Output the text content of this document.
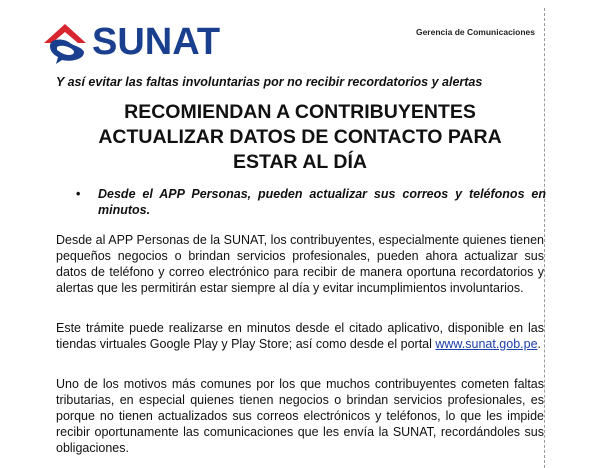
SUNAT	Gerencia de Comunicaciones
Y así evitar las faltas involuntarias por no recibir recordatorios y alertas
RECOMIENDAN A CONTRIBUYENTES
ACTUALIZAR DATOS DE CONTACTO PARA
ESTAR AL DÍA
•	Desde el APP Personas, pueden actualizar sus correos y teléfonos en minutos.

Desde al APP Personas de la SUNAT, los contribuyentes, especialmente quienes tienen pequeños negocios o brindan servicios profesionales, pueden ahora actualizar sus datos de teléfono y correo electrónico para recibir de manera oportuna recordatorios y alertas que les permitirán estar siempre al día y evitar incumplimientos involuntarios.

Este trámite puede realizarse en minutos desde el citado aplicativo, disponible en las tiendas virtuales Google Play y Play Store; así como desde el portal www.sunat.gob.pe.

Uno de los motivos más comunes por los que muchos contribuyentes cometen faltas tributarias, en especial quienes tienen negocios o brindan servicios profesionales, es porque no tienen actualizados sus correos electrónicos y teléfonos, lo que les impide recibir oportunamente las comunicaciones que les envía la SUNAT, recordándoles sus obligaciones.
